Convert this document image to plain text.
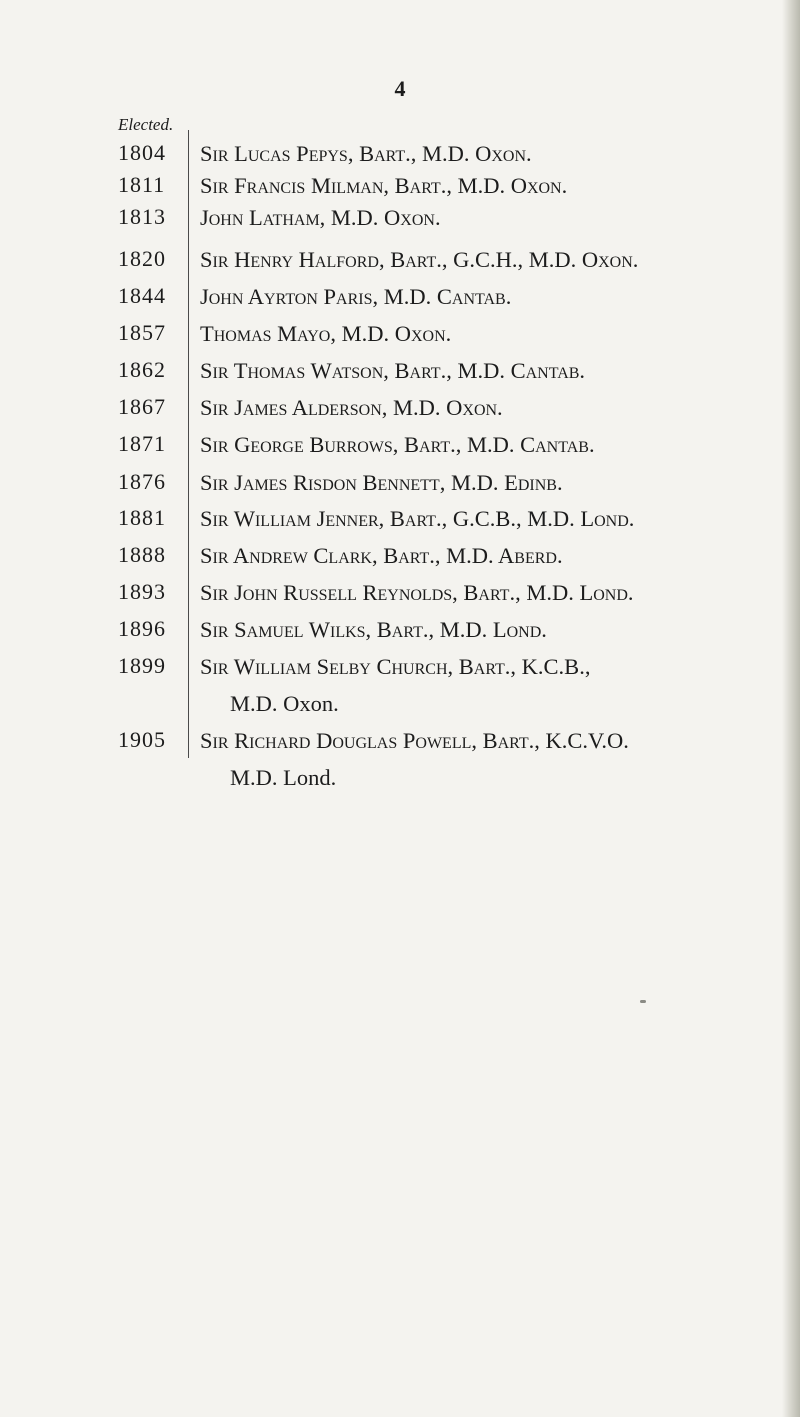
4

Elected.

1804	Sir Lucas Pepys, Bart., M.D. Oxon.
1811	Sir Francis Milman, Bart., M.D. Oxon.
1813	John Latham, M.D. Oxon.
1820	Sir Henry Halford, Bart., G.C.H., M.D. Oxon.
1844	John Ayrton Paris, M.D. Cantab.
1857	Thomas Mayo, M.D. Oxon.
1862	Sir Thomas Watson, Bart., M.D. Cantab.
1867	Sir James Alderson, M.D. Oxon.
1871	Sir George Burrows, Bart., M.D. Cantab.
1876	Sir James Risdon Bennett, M.D. Edinb.
1881	Sir William Jenner, Bart., G.C.B., M.D. Lond.
1888	Sir Andrew Clark, Bart., M.D. Aberd.
1893	Sir John Russell Reynolds, Bart., M.D. Lond.
1896	Sir Samuel Wilks, Bart., M.D. Lond.
1899	Sir William Selby Church, Bart., K.C.B.,
M.D. Oxon.
1905	Sir Richard Douglas Powell, Bart., K.C.V.O.
M.D. Lond.
